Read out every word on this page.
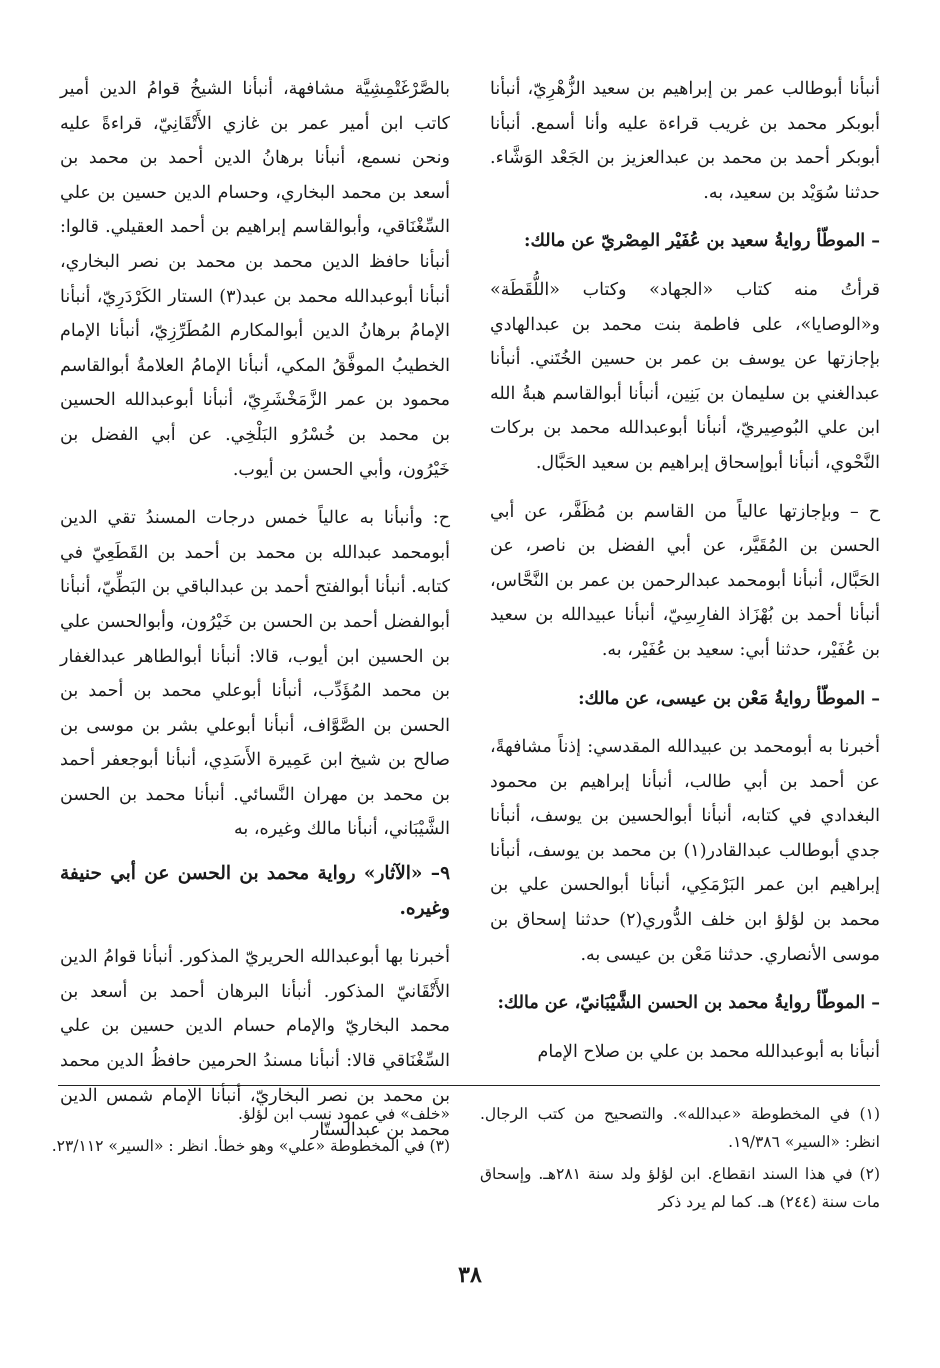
أنبأنا أبوطالب عمر بن إبراهيم بن سعيد الزُّهْرِيّ، أنبأنا أبوبكر محمد بن غريب قراءة عليه وأنا أسمع. أنبأنا أبوبكر أحمد بن محمد بن عبدالعزيز بن الجَعْد الوَشَّاء. حدثنا سُوَيْد بن سعيد، به.

– الموطّأ روايةُ سعيد بن عُفَيْر المِصْريّ عن مالك:

قرأتُ منه كتاب «الجهاد» وكتاب «اللُّقَطَة» و«الوصايا»، على فاطمة بنت محمد بن عبدالهادي بإجازتها عن يوسف بن عمر بن حسين الخُتَني. أنبأنا عبدالغني بن سليمان بن بَنِين، أنبأنا أبوالقاسم هبةُ الله ابن علي البُوصِيريّ، أنبأنا أبوعبدالله محمد بن بركات النَّحْوي، أنبأنا أبوإسحاق إبراهيم بن سعيد الحَبَّال.

ح – وبإجازتها عالياً من القاسم بن مُظَفَّر، عن أبي الحسن بن المُقَيَّر، عن أبي الفضل بن ناصر، عن الحَبَّال، أنبأنا أبومحمد عبدالرحمن بن عمر بن النَّحَّاس، أنبأنا أحمد بن بُهْزَاذ الفارِسِيّ، أنبأنا عبيدالله بن سعيد بن عُفَيْر، حدثنا أبي: سعيد بن عُفَيْر، به.

– الموطّأ روايةُ مَعْن بن عيسى، عن مالك:

أخبرنا به أبومحمد بن عبيدالله المقدسي: إذناً مشافهةً، عن أحمد بن أبي طالب، أنبأنا إبراهيم بن محمود البغدادي في كتابه، أنبأنا أبوالحسين بن يوسف، أنبأنا جدي أبوطالب عبدالقادر(١) بن محمد بن يوسف، أنبأنا إبراهيم ابن عمر البَرْمَكِي، أنبأنا أبوالحسن علي بن محمد بن لؤلؤ ابن خلف الدُّوري(٢) حدثنا إسحاق بن موسى الأنصاري. حدثنا مَعْن بن عيسى به.

– الموطّأ روايةُ محمد بن الحسن الشَّيْبَانيّ، عن مالك:

أنبأنا به أبوعبدالله محمد بن علي بن صلاح الإمام

بالصَّرْغَتْمِشِيَّة مشافهة، أنبأنا الشيخُ قوامُ الدين أمير كاتب ابن أمير عمر بن غازي الأَتْقَانِيّ، قراءةً عليه ونحن نسمع، أنبأنا برهانُ الدين أحمد بن محمد بن أسعد بن محمد البخاري، وحسام الدين حسين بن علي السِّغْنَاقي، وأبوالقاسم إبراهيم بن أحمد العقيلي. قالوا: أنبأنا حافظ الدين محمد بن محمد بن نصر البخاري، أنبأنا أبوعبدالله محمد بن عبد(٣) الستار الكَرْدَرِيّ، أنبأنا الإمامُ برهانُ الدين أبوالمكارم المُطَرِّزِيّ، أنبأنا الإمام الخطيبُ الموفَّقُ المكي، أنبأنا الإمامُ العلامةُ أبوالقاسم محمود بن عمر الزَّمَخْشَرِيّ، أنبأنا أبوعبدالله الحسين بن محمد بن خُسْرُو البَلْخِي. عن أبي الفضل بن خَيْرُون، وأبي الحسن بن أيوب.

ح: وأنبأنا به عالياً خمس درجات المسندُ تقي الدين أبومحمد عبدالله بن محمد بن أحمد بن القَطَعِيّ في كتابه. أنبأنا أبوالفتح أحمد بن عبدالباقي بن البَطِّيّ، أنبأنا أبوالفضل أحمد بن الحسن بن خَيْرُون، وأبوالحسن علي بن الحسين ابن أيوب، قالا: أنبأنا أبوالطاهر عبدالغفار بن محمد المُؤَدِّب، أنبأنا أبوعلي محمد بن أحمد بن الحسن بن الصَّوَّاف، أنبأنا أبوعلي بشر بن موسى بن صالح بن شيخ ابن عَمِيرة الأَسَدِي، أنبأنا أبوجعفر أحمد بن محمد بن مهران النَّسائي. أنبأنا محمد بن الحسن الشَّيْبَاني، أنبأنا مالك وغيره، به

٩– «الآثار» رواية محمد بن الحسن عن أبي حنيفة وغيره.

أخبرنا بها أبوعبدالله الحريريّ المذكور. أنبأنا قوامُ الدين الأَتْقَانيّ المذكور. أنبأنا البرهان أحمد بن أسعد بن محمد البخاريّ والإمام حسام الدين حسين بن علي السِّغْنَاقي قالا: أنبأنا مسندُ الحرمين حافظُ الدين محمد بن محمد بن نصر البخاريّ، أنبأنا الإمام شمس الدين محمد بن عبدالستّار

(١) في المخطوطة «عبدالله». والتصحيح من كتب الرجال. انظر: «السير» ١٩/٣٨٦.

(٢) في هذا السند انقطاع. ابن لؤلؤ ولد سنة ٢٨١هـ. وإسحاق مات سنة (٢٤٤) هـ. كما لم يرد ذكر

«خلف» في عمود نسب ابن لؤلؤ.

(٣) في المخطوطة «علي» وهو خطأ. انظر : «السير» ٢٣/١١٢.

٣٨
